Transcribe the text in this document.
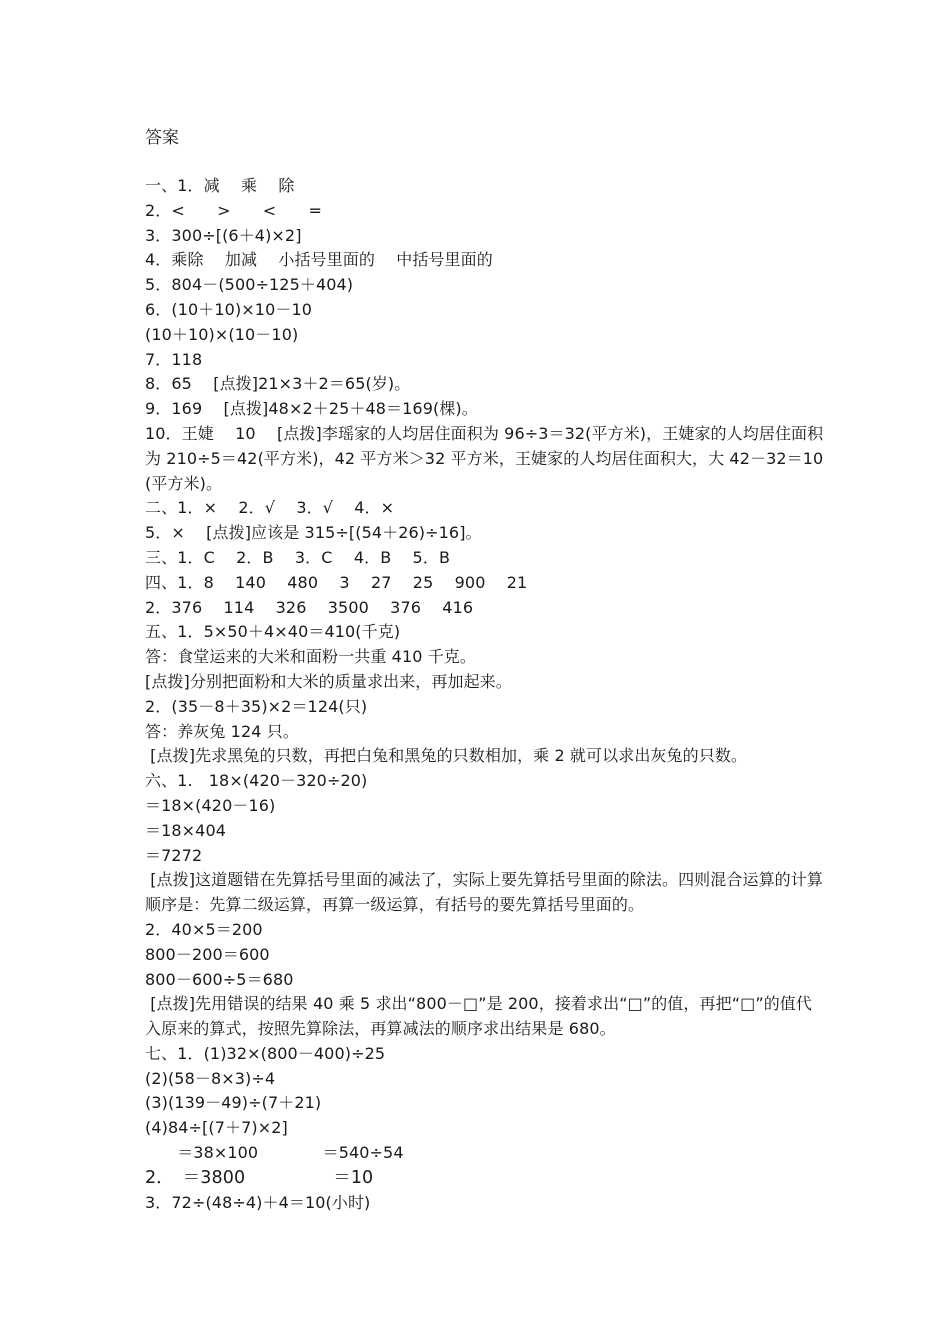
答案
一、1．减　 乘　 除
2．<　　>　　<　　=
3．300÷[(6＋4)×2]
4．乘除　 加减　 小括号里面的　 中括号里面的
5．804－(500÷125＋404)
6．(10＋10)×10－10
(10＋10)×(10－10)
7．118
8．65　 [点拨]21×3＋2＝65(岁)。
9．169　 [点拨]48×2＋25＋48＝169(棵)。
10．王婕　 10　 [点拨]李瑶家的人均居住面积为 96÷3＝32(平方米)，王婕家的人均居住面积为 210÷5＝42(平方米)，42 平方米＞32 平方米，王婕家的人均居住面积大，大 42－32＝10(平方米)。
二、1．×　 2．√　 3．√　 4．×
5．×　 [点拨]应该是 315÷[(54＋26)÷16]。
三、1．C　 2．B　 3．C　 4．B　 5．B
四、1．8　 140　 480　 3　 27　 25　 900　 21
2．376　 114　 326　 3500　 376　 416
五、1．5×50＋4×40＝410(千克)
答：食堂运来的大米和面粉一共重 410 千克。
[点拨]分别把面粉和大米的质量求出来，再加起来。
2．(35－8＋35)×2＝124(只)
答：养灰兔 124 只。
[点拨]先求黑兔的只数，再把白兔和黑兔的只数相加，乘 2 就可以求出灰兔的只数。
六、1.　18×(420－320÷20)
＝18×(420－16)
＝18×404
＝7272
[点拨]这道题错在先算括号里面的减法了，实际上要先算括号里面的除法。四则混合运算的计算顺序是：先算二级运算，再算一级运算，有括号的要先算括号里面的。
2．40×5＝200
800－200＝600
800－600÷5＝680
[点拨]先用错误的结果 40 乘 5 求出“800－□”是 200，接着求出“□”的值，再把“□”的值代入原来的算式，按照先算除法，再算减法的顺序求出结果是 680。
七、1．(1)32×(800－400)÷25
(2)(58－8×3)÷4
(3)(139－49)÷(7＋21)
(4)84÷[(7＋7)×2]
　　＝38×100　　　　＝540÷54
2．　＝3800　　　　　＝10
3．72÷(48÷4)＋4＝10(小时)
